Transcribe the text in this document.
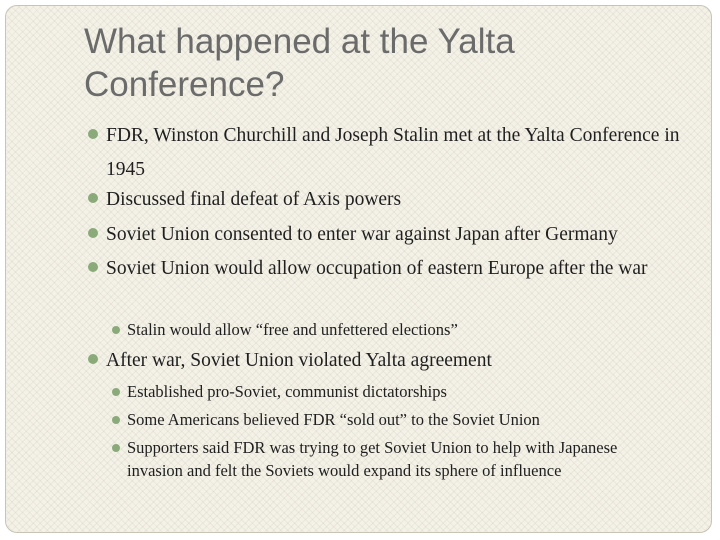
What happened at the Yalta Conference?
FDR, Winston Churchill and Joseph Stalin met at the Yalta Conference in 1945
Discussed final defeat of Axis powers
Soviet Union consented to enter war against Japan after Germany
Soviet Union would allow occupation of eastern Europe after the war
Stalin would allow “free and unfettered elections”
After war, Soviet Union violated Yalta agreement
Established pro-Soviet, communist dictatorships
Some Americans believed FDR “sold out” to the Soviet Union
Supporters said FDR was trying to get Soviet Union to help with Japanese invasion and felt the Soviets would expand its sphere of influence
